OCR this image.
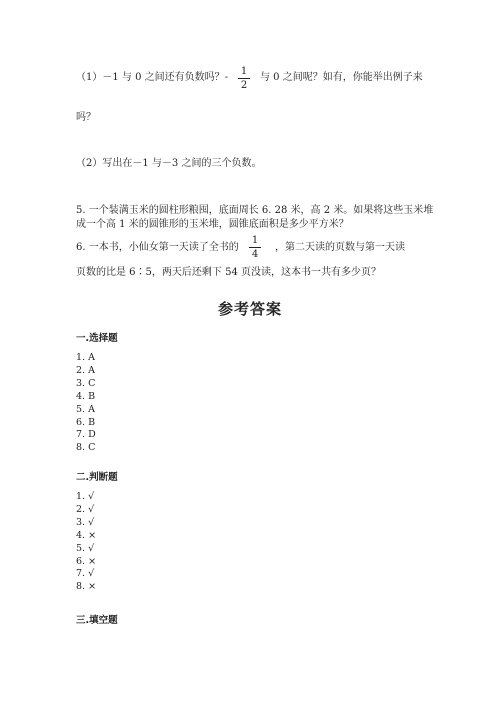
（1）－1 与 0 之间还有负数吗？-
1
2
与 0 之间呢？如有，你能举出例子来
吗？
（2）写出在－1 与－3 之间的三个负数。
5. 一个装满玉米的圆柱形粮囤，底面周长 6. 28 米，高 2 米。如果将这些玉米堆
成一个高 1 米的圆锥形的玉米堆，圆锥底面积是多少平方米？
6. 一本书，小仙女第一天读了全书的
1
4
，第二天读的页数与第一天读
页数的比是 6∶5，两天后还剩下 54 页没读，这本书一共有多少页？
参考答案
一.选择题
1. A
2. A
3. C
4. B
5. A
6. B
7. D
8. C
二.判断题
1. √
2. √
3. √
4. ×
5. √
6. ×
7. √
8. ×
三.填空题
